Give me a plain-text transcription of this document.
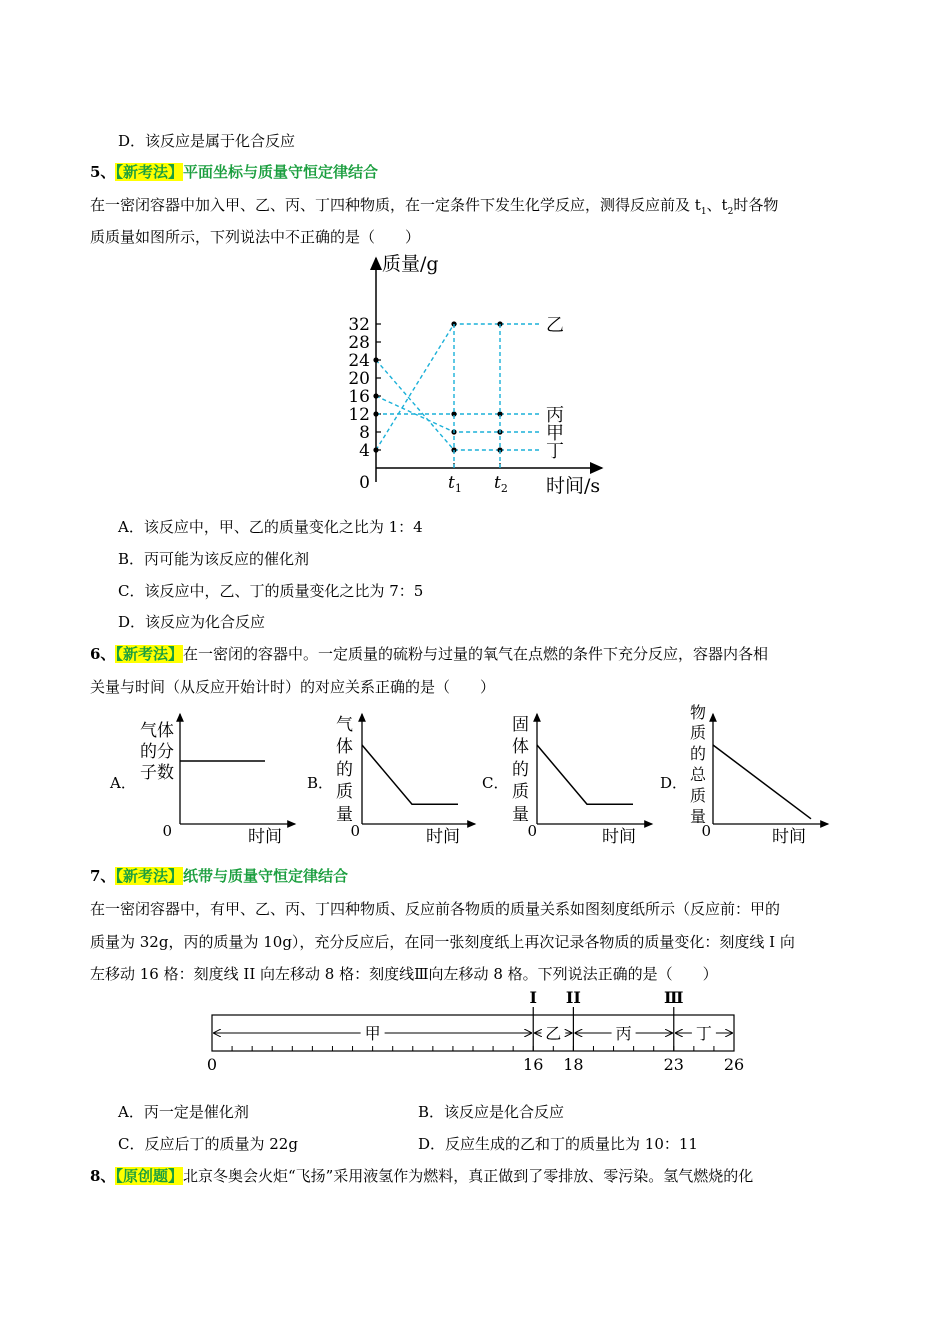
D．该反应是属于化合反应
5、【新考法】平面坐标与质量守恒定律结合
在一密闭容器中加入甲、乙、丙、丁四种物质，在一定条件下发生化学反应，测得反应前及 $t_1$、$t_2$时各物
质质量如图所示，下列说法中不正确的是（　　）
质量/g
时间/s
0
4
8
12
16
20
24
28
32
$t_1$ $t_2$
乙
丙
甲
丁
A．该反应中，甲、乙的质量变化之比为 1：4
B．丙可能为该反应的催化剂
C．该反应中，乙、丁的质量变化之比为 7：5
D．该反应为化合反应
6、【新考法】在一密闭的容器中。一定质量的硫粉与过量的氧气在点燃的条件下充分反应，容器内各相
关量与时间（从反应开始计时）的对应关系正确的是（　　）
A．
气体
的分
子数
0	时间
B．
气
体
的
质
量
0	时间
C．
固
体
的
质
量
0	时间
D．
物
质
的
总
质
量
0	时间
7、【新考法】纸带与质量守恒定律结合
在一密闭容器中，有甲、乙、丙、丁四种物质、反应前各物质的质量关系如图刻度纸所示（反应前：甲的
质量为 32g，丙的质量为 10g），充分反应后，在同一张刻度纸上再次记录各物质的质量变化：刻度线 I 向
左移动 16 格：刻度线 II 向左移动 8 格：刻度线Ⅲ向左移动 8 格。下列说法正确的是（　　）
I II	Ⅲ
甲	乙	丙	丁
0	16 18	23 26
A．丙一定是催化剂	B．该反应是化合反应
C．反应后丁的质量为 22g	D．反应生成的乙和丁的质量比为 10：11
8、【原创题】北京冬奥会火炬“飞扬”采用液氢作为燃料，真正做到了零排放、零污染。氢气燃烧的化
